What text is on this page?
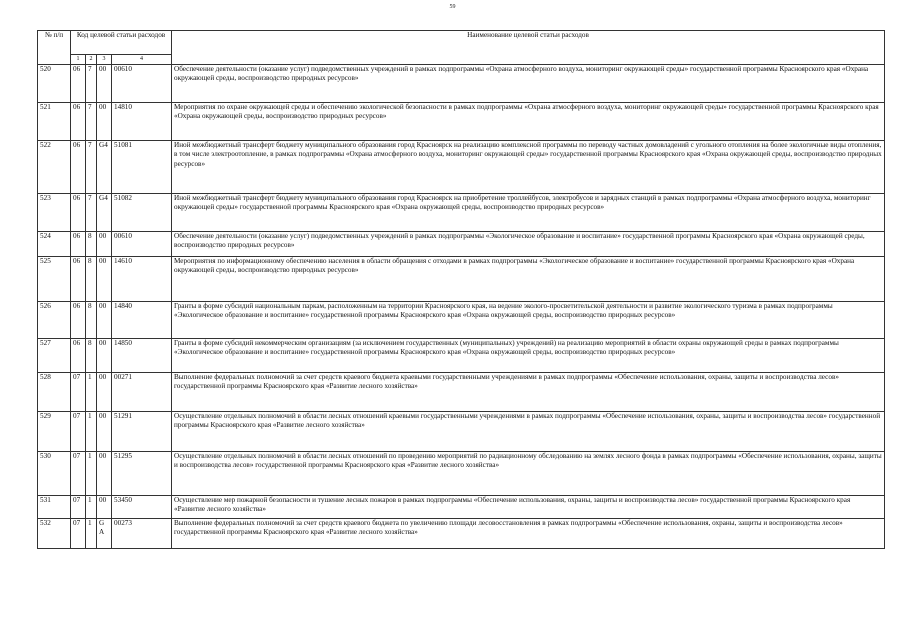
59
№ п/п	Код целевой статьи расходов				Наименование целевой статьи расходов	
	1	2	3	4	
520	06	7	00	00610	Обеспечение деятельности (оказание услуг) подведомственных учреждений в рамках подпрограммы «Охрана атмосферного воздуха, мониторинг окружающей среды» государственной программы Красноярского края «Охрана окружающей среды, воспроизводство природных ресурсов»	
521	06	7	00	14810	Мероприятия по охране окружающей среды и обеспечению экологической безопасности в рамках подпрограммы «Охрана атмосферного воздуха, мониторинг окружающей среды» государственной программы Красноярского края «Охрана окружающей среды, воспроизводство природных ресурсов»	
522	06	7	G4	51081	Иной межбюджетный трансферт бюджету муниципального образования город Красноярск на реализацию комплексной программы по переводу частных домовладений с угольного отопления на более экологичные виды отопления, в том числе электроотопление, в рамках подпрограммы «Охрана атмосферного воздуха, мониторинг окружающей среды» государственной программы Красноярского края «Охрана окружающей среды, воспроизводство природных ресурсов»	
523	06	7	G4	51082	Иной межбюджетный трансферт бюджету муниципального образования город Красноярск на приобретение троллейбусов, электробусов и зарядных станций в рамках подпрограммы «Охрана атмосферного воздуха, мониторинг окружающей среды» государственной программы Красноярского края «Охрана окружающей среды, воспроизводство природных ресурсов»	
524	06	8	00	00610	Обеспечение деятельности (оказание услуг) подведомственных учреждений в рамках подпрограммы «Экологическое образование и воспитание» государственной программы Красноярского края «Охрана окружающей среды, воспроизводство природных ресурсов»	
525	06	8	00	14610	Мероприятия по информационному обеспечению населения в области обращения с отходами в рамках подпрограммы «Экологическое образование и воспитание» государственной программы Красноярского края «Охрана окружающей среды, воспроизводство природных ресурсов»	
526	06	8	00	14840	Гранты в форме субсидий национальным паркам, расположенным на территории Красноярского края, на ведение эколого-просветительской деятельности и развитие экологического туризма в рамках подпрограммы «Экологическое образование и воспитание» государственной программы Красноярского края «Охрана окружающей среды, воспроизводство природных ресурсов»	
527	06	8	00	14850	Гранты в форме субсидий некоммерческим организациям (за исключением государственных (муниципальных) учреждений) на реализацию мероприятий в области охраны окружающей среды в рамках подпрограммы «Экологическое образование и воспитание» государственной программы Красноярского края «Охрана окружающей среды, воспроизводство природных ресурсов»	
528	07	1	00	00271	Выполнение федеральных полномочий за счет средств краевого бюджета краевыми государственными учреждениями в рамках подпрограммы «Обеспечение использования, охраны, защиты и воспроизводства лесов» государственной программы Красноярского края «Развитие лесного хозяйства»	
529	07	1	00	51291	Осуществление отдельных полномочий в области лесных отношений краевыми государственными учреждениями в рамках подпрограммы «Обеспечение использования, охраны, защиты и воспроизводства лесов» государственной программы Красноярского края «Развитие лесного хозяйства»	
530	07	1	00	51295	Осуществление отдельных полномочий в области лесных отношений по проведению мероприятий по радиационному обследованию на землях лесного фонда в рамках подпрограммы «Обеспечение использования, охраны, защиты и воспроизводства лесов» государственной программы Красноярского края «Развитие лесного хозяйства»	
531	07	1	00	53450	Осуществление мер пожарной безопасности и тушение лесных пожаров в рамках подпрограммы «Обеспечение использования, охраны, защиты и воспроизводства лесов» государственной программы Красноярского края «Развитие лесного хозяйства»	
532	07	1	G A	00273	Выполнение федеральных полномочий за счет средств краевого бюджета по увеличению площади лесовосстановления в рамках подпрограммы «Обеспечение использования, охраны, защиты и воспроизводства лесов» государственной программы Красноярского края «Развитие лесного хозяйства»	
